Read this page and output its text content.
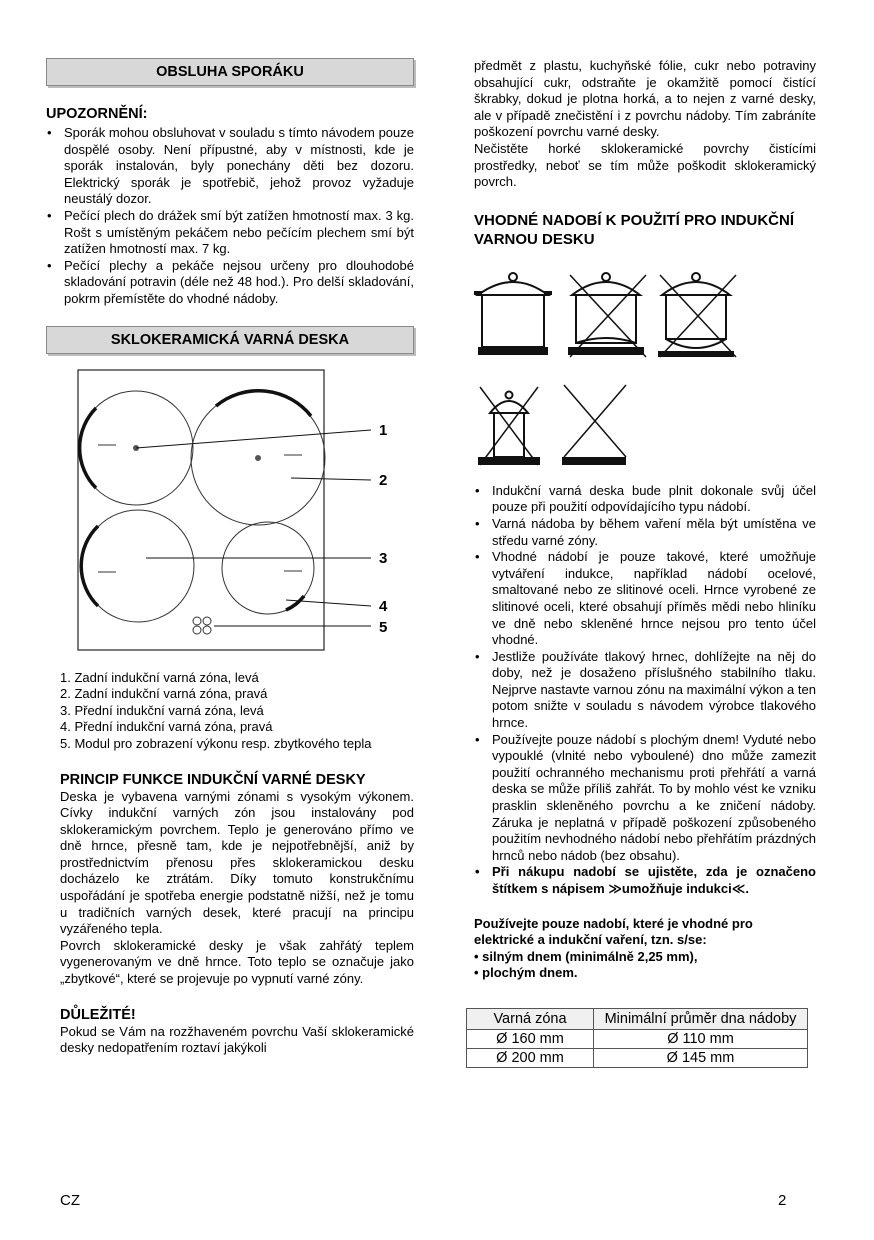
OBSLUHA SPORÁKU
UPOZORNĚNÍ:
• Sporák mohou obsluhovat v souladu s tímto návodem pouze dospělé osoby. Není přípustné, aby v místnosti, kde je sporák instalován, byly ponechány děti bez dozoru. Elektrický sporák je spotřebič, jehož provoz vyžaduje neustálý dozor.
• Pečící plech do drážek smí být zatížen hmotností max. 3 kg. Rošt s umístěným pekáčem nebo pečícím plechem smí být zatížen hmotností max. 7 kg.
• Pečící plechy a pekáče nejsou určeny pro dlouhodobé skladování potravin (déle než 48 hod.). Pro delší skladování, pokrm přemístěte do vhodné nádoby.
SKLOKERAMICKÁ VARNÁ DESKA
1
2
3
4
5
1. Zadní indukční varná zóna, levá
2. Zadní indukční varná zóna, pravá
3. Přední indukční varná zóna, levá
4. Přední indukční varná zóna, pravá
5. Modul pro zobrazení výkonu resp. zbytkového tepla
PRINCIP FUNKCE INDUKČNÍ VARNÉ DESKY

Deska je vybavena varnými zónami s vysokým výkonem. Cívky indukční varných zón jsou instalovány pod sklokeramickým povrchem. Teplo je generováno přímo ve dně hrnce, přesně tam, kde je nejpotřebnější, aniž by prostřednictvím přenosu přes sklokeramickou desku docházelo ke ztrátám. Díky tomuto konstrukčnímu uspořádání je spotřeba energie podstatně nižší, než je tomu u tradičních varných desek, které pracují na principu vyzářeného tepla.

Povrch sklokeramické desky je však zahřátý teplem vygenerovaným ve dně hrnce. Toto teplo se označuje jako „zbytkové“, které se projevuje po vypnutí varné zóny.

DŮLEŽITÉ!

Pokud se Vám na rozžhaveném povrchu Vaší sklokeramické desky nedopatřením roztaví jakýkoli

předmět z plastu, kuchyňské fólie, cukr nebo potraviny obsahující cukr, odstraňte je okamžitě pomocí čistící škrabky, dokud je plotna horká, a to nejen z varné desky, ale v případě znečistění i z povrchu nádoby. Tím zabráníte poškození povrchu varné desky.

Nečistěte horké sklokeramické povrchy čistícími prostředky, neboť se tím může poškodit sklokeramický povrch.

VHODNÉ NADOBÍ K POUŽITÍ PRO INDUKČNÍ VARNOU DESKU
• Indukční varná deska bude plnit dokonale svůj účel pouze při použití odpovídajícího typu nádobí.
• Varná nádoba by během vaření měla být umístěna ve středu varné zóny.
• Vhodné nádobí je pouze takové, které umožňuje vytváření indukce, například nádobí ocelové, smaltované nebo ze slitinové oceli. Hrnce vyrobené ze slitinové oceli, které obsahují příměs mědi nebo hliníku ve dně nebo skleněné hrnce nejsou pro tento účel vhodné.
• Jestliže používáte tlakový hrnec, dohlížejte na něj do doby, než je dosaženo příslušného stabilního tlaku. Nejprve nastavte varnou zónu na maximální výkon a ten potom snižte v souladu s návodem výrobce tlakového hrnce.
• Používejte pouze nádobí s plochým dnem! Vyduté nebo vypouklé (vlnité nebo vyboulené) dno může zamezit použití ochranného mechanismu proti přehřátí a varná deska se může příliš zahřát. To by mohlo vést ke vzniku prasklin skleněného povrchu a ke zničení nádoby. Záruka je neplatná v případě poškození způsobeného použitím nevhodného nádobí nebo přehřátím prázdných hrnců nebo nádob (bez obsahu).
• Při nákupu nadobí se ujistěte, zda je označeno štítkem s nápisem ≫umožňuje indukci≪.
Používejte pouze nadobí, které je vhodné pro elektrické a indukční vaření, tzn. s/se:
• silným dnem (minimálně 2,25 mm),
• plochým dnem.
Varná zóna	Minimální průměr dna nádoby
Ø 160 mm	Ø 110 mm
Ø 200 mm	Ø 145 mm
CZ	2
